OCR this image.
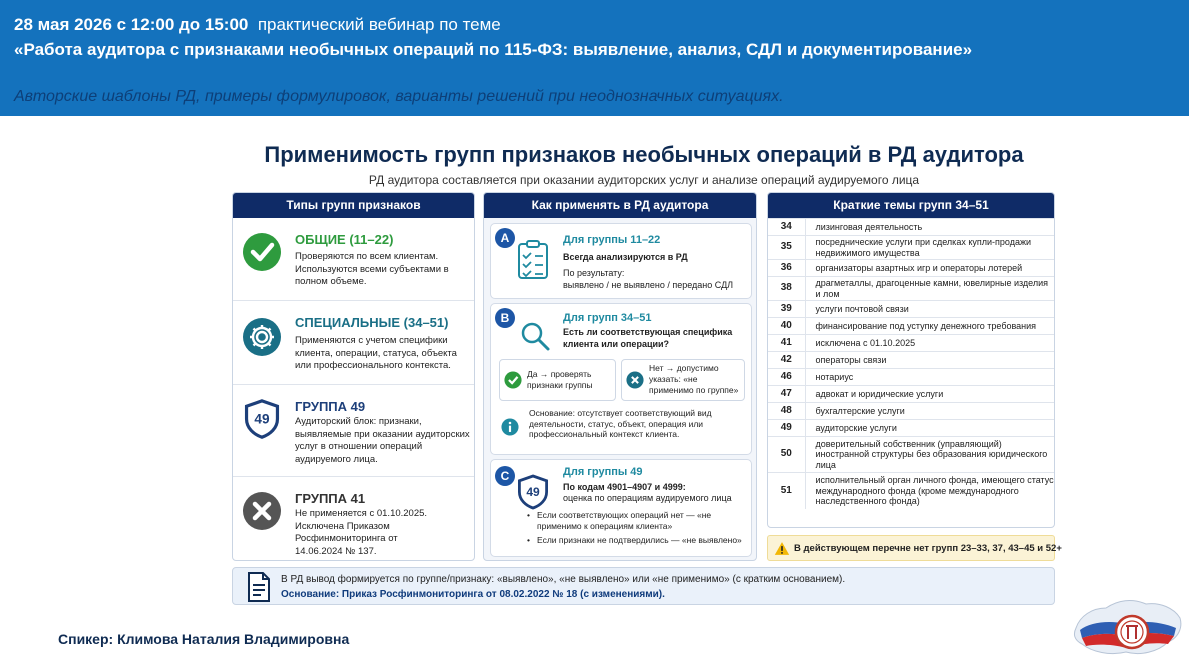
28 мая 2026 с 12:00 до 15:00 практический вебинар по теме
«Работа аудитора с признаками необычных операций по 115-ФЗ: выявление, анализ, СДЛ и документирование»
Авторские шаблоны РД, примеры формулировок, варианты решений при неоднозначных ситуациях.
Применимость групп признаков необычных операций в РД аудитора
РД аудитора составляется при оказании аудиторских услуг и анализе операций аудируемого лица
Типы групп признаков
ОБЩИЕ (11–22)
Проверяются по всем клиентам. Используются всеми субъектами в полном объеме.
СПЕЦИАЛЬНЫЕ (34–51)
Применяются с учетом специфики клиента, операции, статуса, объекта или профессионального контекста.
49
ГРУППА 49
Аудиторский блок: признаки, выявляемые при оказании аудиторских услуг в отношении операций аудируемого лица.
ГРУППА 41
Не применяется с 01.10.2025. Исключена Приказом Росфинмониторинга от 14.06.2024 № 137.
Как применять в РД аудитора
A	Для группы 11–22
Всегда анализируются в РД
По результату:
выявлено / не выявлено / передано СДЛ
B	Для групп 34–51
Есть ли соответствующая специфика клиента или операции?
Да → проверять признаки группы
Нет → допустимо указать: «не применимо по группе»
Основание: отсутствует соответствующий вид деятельности, статус, объект, операция или профессиональный контекст клиента.
C
49
Для группы 49
По кодам 4901–4907 и 4999:
оценка по операциям аудируемого лица
• Если соответствующих операций нет — «не применимо к операциям клиента»
• Если признаки не подтвердились — «не выявлено»
Краткие темы групп 34–51
34	лизинговая деятельность
35	посреднические услуги при сделках купли-продажи недвижимого имущества
36	организаторы азартных игр и операторы лотерей
38	драгметаллы, драгоценные камни, ювелирные изделия и лом
39	услуги почтовой связи
40	финансирование под уступку денежного требования
41	исключена с 01.10.2025
42	операторы связи
46	нотариус
47	адвокат и юридические услуги
48	бухгалтерские услуги
49	аудиторские услуги
50	доверительный собственник (управляющий) иностранной структуры без образования юридического лица
51	исполнительный орган личного фонда, имеющего статус международного фонда (кроме международного наследственного фонда)
В действующем перечне нет групп 23–33, 37, 43–45 и 52+
В РД вывод формируется по группе/признаку: «выявлено», «не выявлено» или «не применимо» (с кратким основанием).
Основание: Приказ Росфинмониторинга от 08.02.2022 № 18 (с изменениями).
Спикер: Климова Наталия Владимировна
